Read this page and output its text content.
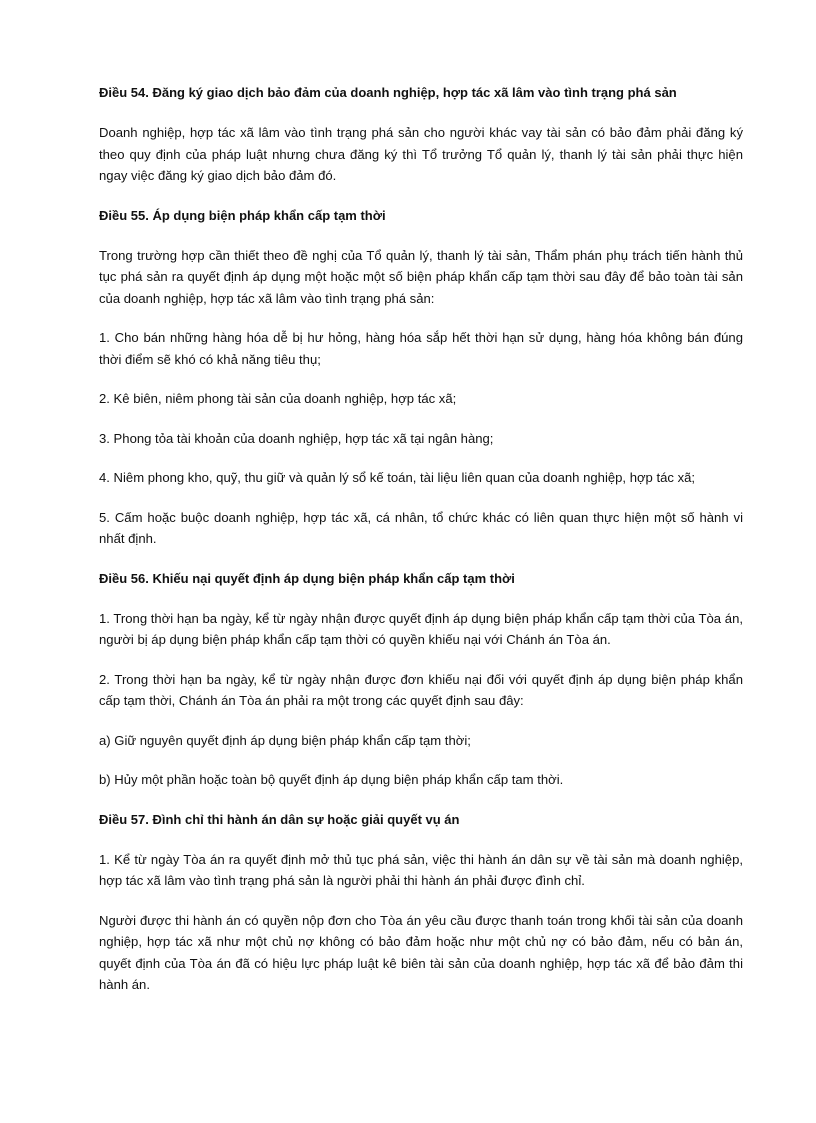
Điều 54. Đăng ký giao dịch bảo đảm của doanh nghiệp, hợp tác xã lâm vào tình trạng phá sản
Doanh nghiệp, hợp tác xã lâm vào tình trạng phá sản cho người khác vay tài sản có bảo đảm phải đăng ký theo quy định của pháp luật nhưng chưa đăng ký thì Tổ trưởng Tổ quản lý, thanh lý tài sản phải thực hiện ngay việc đăng ký giao dịch bảo đảm đó.
Điều 55. Áp dụng biện pháp khẩn cấp tạm thời
Trong trường hợp cần thiết theo đề nghị của Tổ quản lý, thanh lý tài sản, Thẩm phán phụ trách tiến hành thủ tục phá sản ra quyết định áp dụng một hoặc một số biện pháp khẩn cấp tạm thời sau đây để bảo toàn tài sản của doanh nghiệp, hợp tác xã lâm vào tình trạng phá sản:
1. Cho bán những hàng hóa dễ bị hư hỏng, hàng hóa sắp hết thời hạn sử dụng, hàng hóa không bán đúng thời điểm sẽ khó có khả năng tiêu thụ;
2. Kê biên, niêm phong tài sản của doanh nghiệp, hợp tác xã;
3. Phong tỏa tài khoản của doanh nghiệp, hợp tác xã tại ngân hàng;
4. Niêm phong kho, quỹ, thu giữ và quản lý sổ kế toán, tài liệu liên quan của doanh nghiệp, hợp tác xã;
5. Cấm hoặc buộc doanh nghiệp, hợp tác xã, cá nhân, tổ chức khác có liên quan thực hiện một số hành vi nhất định.
Điều 56. Khiếu nại quyết định áp dụng biện pháp khẩn cấp tạm thời
1. Trong thời hạn ba ngày, kể từ ngày nhận được quyết định áp dụng biện pháp khẩn cấp tạm thời của Tòa án, người bị áp dụng biện pháp khẩn cấp tạm thời có quyền khiếu nại với Chánh án Tòa án.
2. Trong thời hạn ba ngày, kể từ ngày nhận được đơn khiếu nại đối với quyết định áp dụng biện pháp khẩn cấp tạm thời, Chánh án Tòa án phải ra một trong các quyết định sau đây:
a) Giữ nguyên quyết định áp dụng biện pháp khẩn cấp tạm thời;
b) Hủy một phần hoặc toàn bộ quyết định áp dụng biện pháp khẩn cấp tam thời.
Điều 57. Đình chỉ thi hành án dân sự hoặc giải quyết vụ án
1. Kể từ ngày Tòa án ra quyết định mở thủ tục phá sản, việc thi hành án dân sự về tài sản mà doanh nghiệp, hợp tác xã lâm vào tình trạng phá sản là người phải thi hành án phải được đình chỉ.
Người được thi hành án có quyền nộp đơn cho Tòa án yêu cầu được thanh toán trong khối tài sản của doanh nghiệp, hợp tác xã như một chủ nợ không có bảo đảm hoặc như một chủ nợ có bảo đảm, nếu có bản án, quyết định của Tòa án đã có hiệu lực pháp luật kê biên tài sản của doanh nghiệp, hợp tác xã để bảo đảm thi hành án.
